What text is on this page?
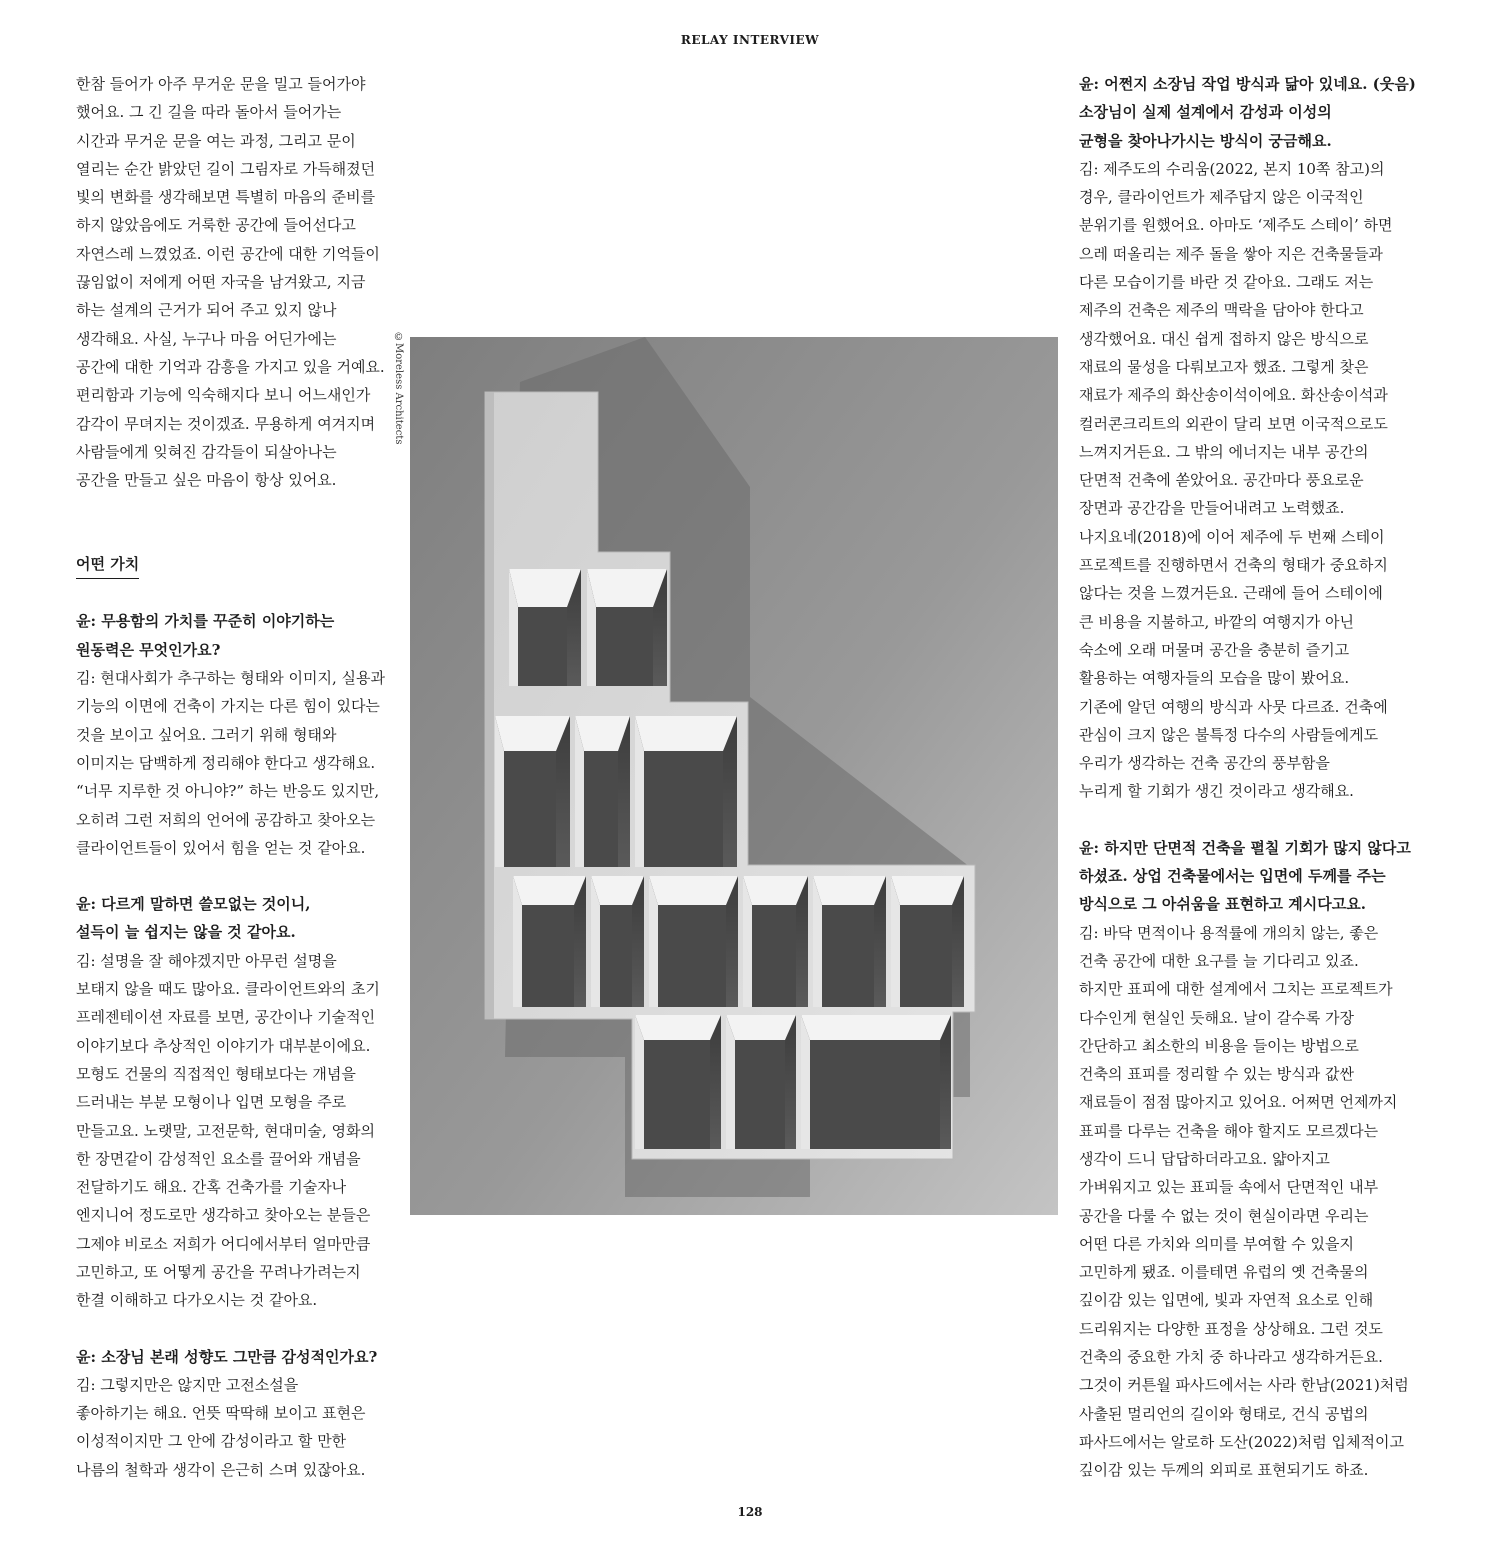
RELAY INTERVIEW

한참 들어가 아주 무거운 문을 밀고 들어가야

했어요. 그 긴 길을 따라 돌아서 들어가는

시간과 무거운 문을 여는 과정, 그리고 문이

열리는 순간 밝았던 길이 그림자로 가득해졌던

빛의 변화를 생각해보면 특별히 마음의 준비를

하지 않았음에도 거룩한 공간에 들어선다고

자연스레 느꼈었죠. 이런 공간에 대한 기억들이

끊임없이 저에게 어떤 자국을 남겨왔고, 지금

하는 설계의 근거가 되어 주고 있지 않나

생각해요. 사실, 누구나 마음 어딘가에는

공간에 대한 기억과 감흥을 가지고 있을 거예요.

편리함과 기능에 익숙해지다 보니 어느새인가

감각이 무뎌지는 것이겠죠. 무용하게 여겨지며

사람들에게 잊혀진 감각들이 되살아나는

공간을 만들고 싶은 마음이 항상 있어요.

어떤 가치

윤: 무용함의 가치를 꾸준히 이야기하는

원동력은 무엇인가요?

김: 현대사회가 추구하는 형태와 이미지, 실용과

기능의 이면에 건축이 가지는 다른 힘이 있다는

것을 보이고 싶어요. 그러기 위해 형태와

이미지는 담백하게 정리해야 한다고 생각해요.

“너무 지루한 것 아니야?” 하는 반응도 있지만,

오히려 그런 저희의 언어에 공감하고 찾아오는

클라이언트들이 있어서 힘을 얻는 것 같아요.

윤: 다르게 말하면 쓸모없는 것이니,

설득이 늘 쉽지는 않을 것 같아요.

김: 설명을 잘 해야겠지만 아무런 설명을

보태지 않을 때도 많아요. 클라이언트와의 초기

프레젠테이션 자료를 보면, 공간이나 기술적인

이야기보다 추상적인 이야기가 대부분이에요.

모형도 건물의 직접적인 형태보다는 개념을

드러내는 부분 모형이나 입면 모형을 주로

만들고요. 노랫말, 고전문학, 현대미술, 영화의

한 장면같이 감성적인 요소를 끌어와 개념을

전달하기도 해요. 간혹 건축가를 기술자나

엔지니어 정도로만 생각하고 찾아오는 분들은

그제야 비로소 저희가 어디에서부터 얼마만큼

고민하고, 또 어떻게 공간을 꾸려나가려는지

한결 이해하고 다가오시는 것 같아요.

윤: 소장님 본래 성향도 그만큼 감성적인가요?

김: 그렇지만은 않지만 고전소설을

좋아하기는 해요. 언뜻 딱딱해 보이고 표현은

이성적이지만 그 안에 감성이라고 할 만한

나름의 철학과 생각이 은근히 스며 있잖아요.

©Moreless Architects

윤: 어쩐지 소장님 작업 방식과 닮아 있네요. (웃음)

소장님이 실제 설계에서 감성과 이성의

균형을 찾아나가시는 방식이 궁금해요.

김: 제주도의 수리움(2022, 본지 10쪽 참고)의

경우, 클라이언트가 제주답지 않은 이국적인

분위기를 원했어요. 아마도 ‘제주도 스테이’ 하면

으레 떠올리는 제주 돌을 쌓아 지은 건축물들과

다른 모습이기를 바란 것 같아요. 그래도 저는

제주의 건축은 제주의 맥락을 담아야 한다고

생각했어요. 대신 쉽게 접하지 않은 방식으로

재료의 물성을 다뤄보고자 했죠. 그렇게 찾은

재료가 제주의 화산송이석이에요. 화산송이석과

컬러콘크리트의 외관이 달리 보면 이국적으로도

느껴지거든요. 그 밖의 에너지는 내부 공간의

단면적 건축에 쏟았어요. 공간마다 풍요로운

장면과 공간감을 만들어내려고 노력했죠.

나지요네(2018)에 이어 제주에 두 번째 스테이

프로젝트를 진행하면서 건축의 형태가 중요하지

않다는 것을 느꼈거든요. 근래에 들어 스테이에

큰 비용을 지불하고, 바깥의 여행지가 아닌

숙소에 오래 머물며 공간을 충분히 즐기고

활용하는 여행자들의 모습을 많이 봤어요.

기존에 알던 여행의 방식과 사뭇 다르죠. 건축에

관심이 크지 않은 불특정 다수의 사람들에게도

우리가 생각하는 건축 공간의 풍부함을

누리게 할 기회가 생긴 것이라고 생각해요.

윤: 하지만 단면적 건축을 펼칠 기회가 많지 않다고

하셨죠. 상업 건축물에서는 입면에 두께를 주는

방식으로 그 아쉬움을 표현하고 계시다고요.

김: 바닥 면적이나 용적률에 개의치 않는, 좋은

건축 공간에 대한 요구를 늘 기다리고 있죠.

하지만 표피에 대한 설계에서 그치는 프로젝트가

다수인게 현실인 듯해요. 날이 갈수록 가장

간단하고 최소한의 비용을 들이는 방법으로

건축의 표피를 정리할 수 있는 방식과 값싼

재료들이 점점 많아지고 있어요. 어쩌면 언제까지

표피를 다루는 건축을 해야 할지도 모르겠다는

생각이 드니 답답하더라고요. 얇아지고

가벼워지고 있는 표피들 속에서 단면적인 내부

공간을 다룰 수 없는 것이 현실이라면 우리는

어떤 다른 가치와 의미를 부여할 수 있을지

고민하게 됐죠. 이를테면 유럽의 옛 건축물의

깊이감 있는 입면에, 빛과 자연적 요소로 인해

드리워지는 다양한 표정을 상상해요. 그런 것도

건축의 중요한 가치 중 하나라고 생각하거든요.

그것이 커튼월 파사드에서는 사라 한남(2021)처럼

사출된 멀리언의 길이와 형태로, 건식 공법의

파사드에서는 알로하 도산(2022)처럼 입체적이고

깊이감 있는 두께의 외피로 표현되기도 하죠.

128
